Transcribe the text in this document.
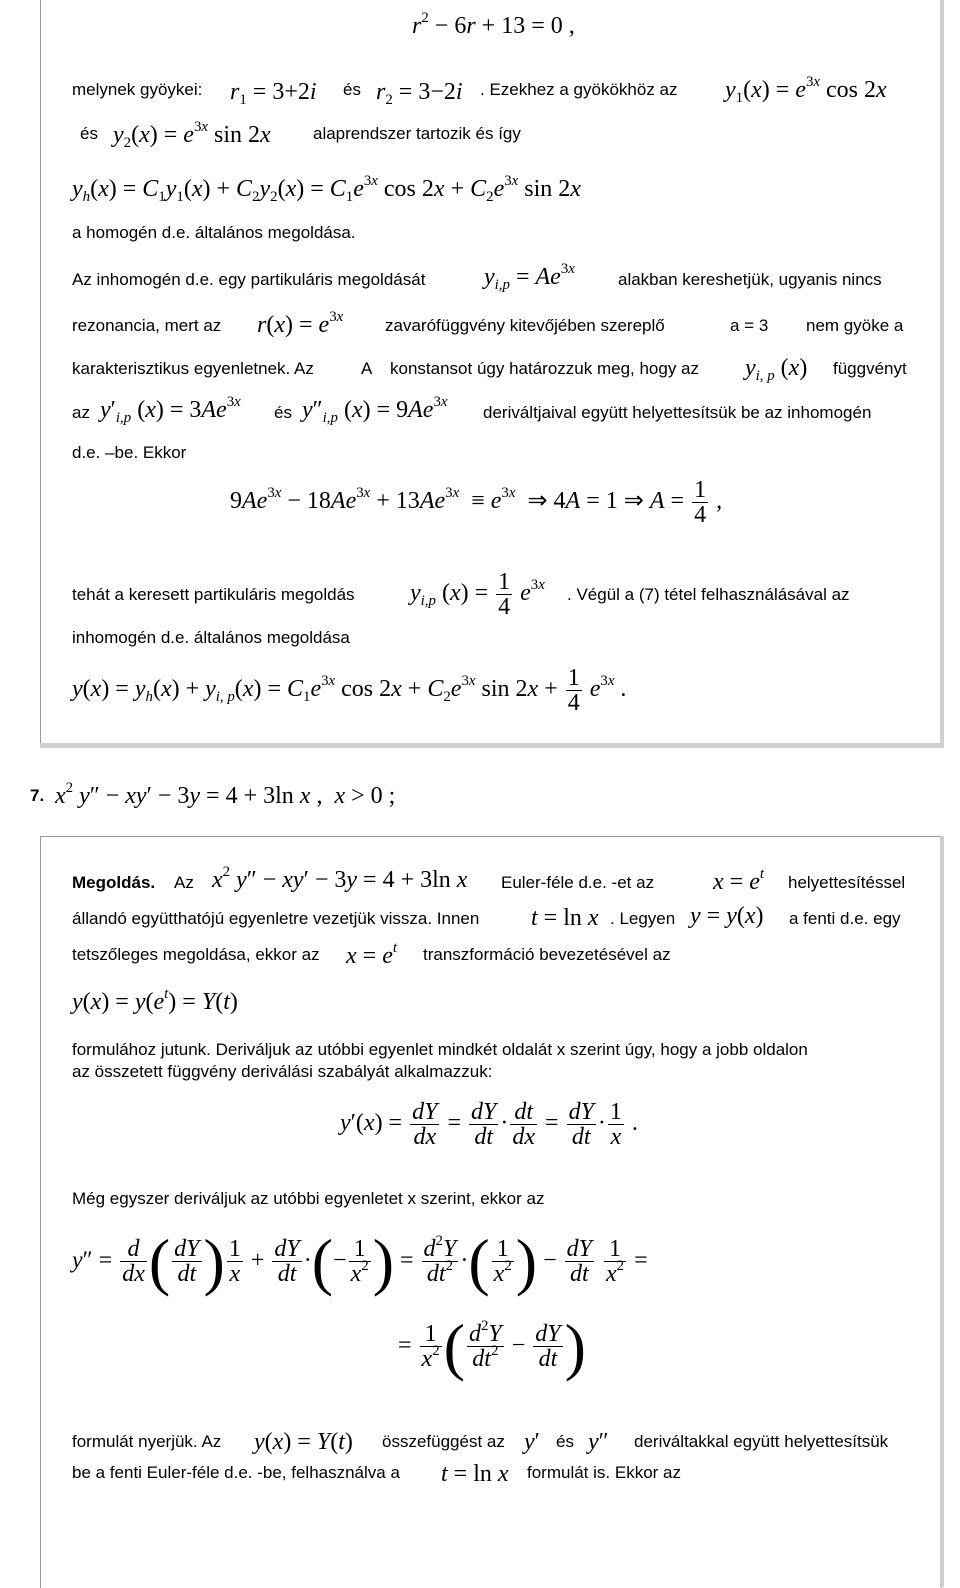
$r^2 - 6r + 13 = 0$ ,
melynek gyöykei: $r_1 = 3+2i$ és $r_2 = 3-2i$ . Ezekhez a gyökökhöz az $y_1(x) = e^{3x}$ cos 2x
és $y_2(x) = e^{3x}$ sin 2x alaprendszer tartozik és így
$y_h(x) = C_1y_1(x) + C_2y_2(x) = C_1e^{3x}$ $\cos 2x + C_2e^{3x}$ sin 2x
a homogén d.e. általános megoldása.
Az inhomogén d.e. egy partikuláris megoldását $y_{i,p} = Ae^{3x}$
alakban kereshetjük, ugyanis nincs
rezonancia, mert az $r(x) = e^{3x}$ zavarófüggvény kitevőjében szereplő	a = 3 nem gyöke a
karakterisztikus egyenletnek. Az	A konstansot úgy határozzuk meg, hogy az $y_{i, p}$ (x) függvényt
az $y'_{i,p}$ $(x) = 3Ae^{3x}$
és $y''_{i,p}$ $(x) = 9Ae^{3x}$
deriváltjaival együtt helyettesítsük be az inhomogén
d.e. –be. Ekkor
$9Ae^{3x} - 18Ae^{3x} + 13Ae^{3x} \equiv e^{3x}$  ⇒ 4A = 1 ⇒ $A = \frac{1}{4}$ ,
tehát a keresett partikuláris megoldás $y_{i,p}$ $(x) = \frac{1}{4} e^{3x}$
. Végül a (7) tétel felhasználásával az
inhomogén d.e. általános megoldása
$y(x) = y_h(x) + y_{i, p}(x) = C_1e^{3x}$ $\cos 2x + C_2e^{3x}$ $\sin 2x + \frac{1}{4} e^{3x}$ .
7. $x^2$ y″ − xy′ − 3y = 4 + 3ln x ,  x > 0 ;
Megoldás. Az $x^2$ y″ − xy′ − 3y = 4 + 3ln x Euler-féle d.e. -et az $x = e^t$ helyettesítéssel
állandó együtthatójú egyenletre vezetjük vissza. Innen t = ln x . Legyen y = y(x) a fenti d.e. egy
tetszőleges megoldása, ekkor az $x = e^t$ transzformáció bevezetésével az
$y(x) = y(e^t) = Y(t)$
formulához jutunk. Deriváljuk az utóbbi egyenlet mindkét oldalát x szerint úgy, hogy a jobb oldalon
az összetett függvény deriválási szabályát alkalmazzuk:
$y'(x) = \frac{dY}{dx} = \frac{dY}{dt} \cdot \frac{dt}{dx} = \frac{dY}{dt} \cdot \frac{1}{x}$ .
Még egyszer deriváljuk az utóbbi egyenletet x szerint, ekkor az
$y'' = \frac{d}{dx}$ ( $\frac{dY}{dt}$ ) $\frac{1}{x} + \frac{dY}{dt}$ ·(− $\frac{1}{x^2}$ ) = $\frac{d^2Y}{dt^2}$ ·( $\frac{1}{x^2}$ ) − $\frac{dY}{dt}$
$\frac{1}{x^2}$ =
= $\frac{1}{x^2}$ ( $\frac{d^2Y}{dt^2} - \frac{dY}{dt}$ )
formulát nyerjük. Az y(x) = Y(t) összefüggést az y′ és y″ deriváltakkal együtt helyettesítsük
be a fenti Euler-féle d.e. -be, felhasználva a t = ln x formulát is. Ekkor az
